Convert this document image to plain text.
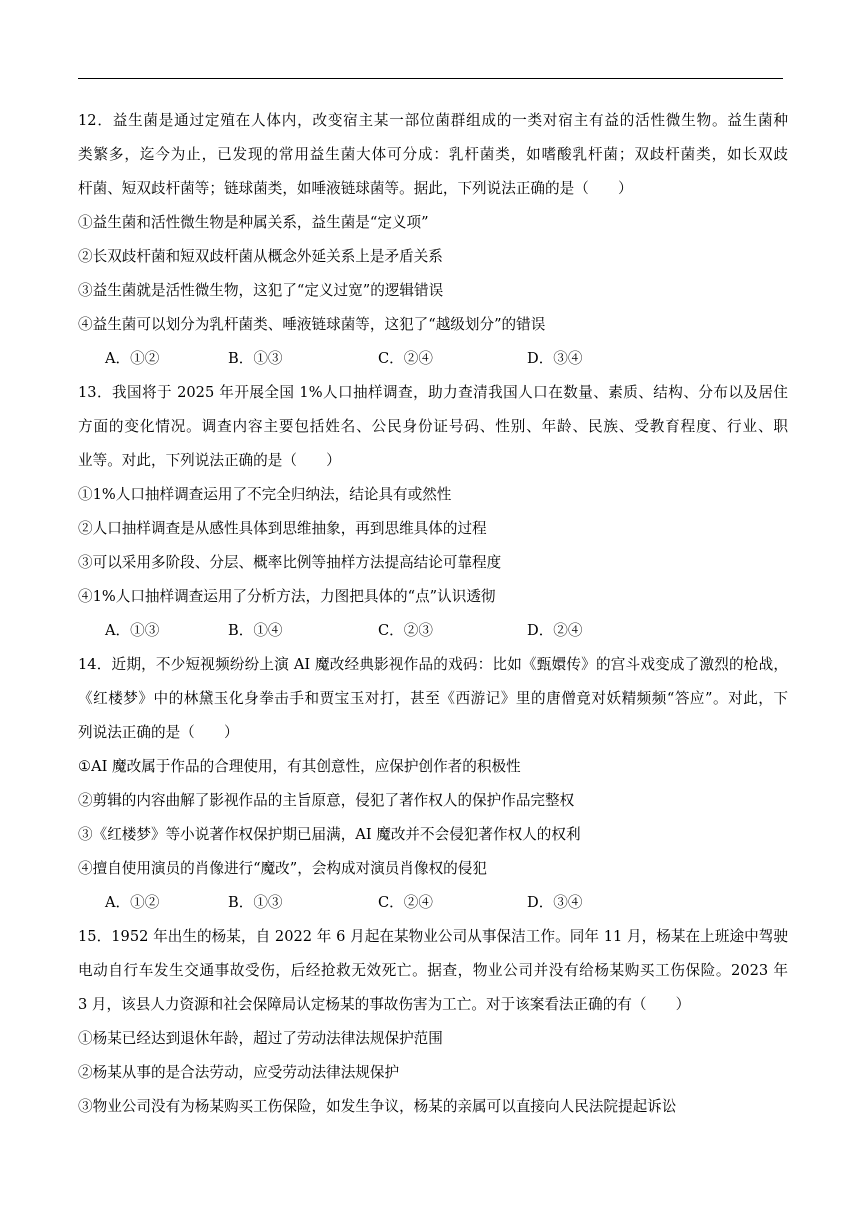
12．益生菌是通过定殖在人体内，改变宿主某一部位菌群组成的一类对宿主有益的活性微生物。益生菌种
类繁多，迄今为止，已发现的常用益生菌大体可分成：乳杆菌类，如嗜酸乳杆菌；双歧杆菌类，如长双歧
杆菌、短双歧杆菌等；链球菌类，如唾液链球菌等。据此，下列说法正确的是（　　）
①益生菌和活性微生物是种属关系，益生菌是“定义项”
②长双歧杆菌和短双歧杆菌从概念外延关系上是矛盾关系
③益生菌就是活性微生物，这犯了“定义过宽”的逻辑错误
④益生菌可以划分为乳杆菌类、唾液链球菌等，这犯了“越级划分”的错误
A．①②	B．①③	C．②④	D．③④
13．我国将于 2025 年开展全国 1%人口抽样调查，助力查清我国人口在数量、素质、结构、分布以及居住
方面的变化情况。调查内容主要包括姓名、公民身份证号码、性别、年龄、民族、受教育程度、行业、职
业等。对此，下列说法正确的是（　　）
①1%人口抽样调查运用了不完全归纳法，结论具有或然性
②人口抽样调查是从感性具体到思维抽象，再到思维具体的过程
③可以采用多阶段、分层、概率比例等抽样方法提高结论可靠程度
④1%人口抽样调查运用了分析方法，力图把具体的“点”认识透彻
A．①③	B．①④	C．②③	D．②④
14．近期，不少短视频纷纷上演 AI 魔改经典影视作品的戏码：比如《甄嬛传》的宫斗戏变成了激烈的枪战，
《红楼梦》中的林黛玉化身拳击手和贾宝玉对打，甚至《西游记》里的唐僧竟对妖精频频“答应”。对此，下
列说法正确的是（　　）
①AI 魔改属于作品的合理使用，有其创意性，应保护创作者的积极性
②剪辑的内容曲解了影视作品的主旨原意，侵犯了著作权人的保护作品完整权
③《红楼梦》等小说著作权保护期已届满，AI 魔改并不会侵犯著作权人的权利
④擅自使用演员的肖像进行“魔改”，会构成对演员肖像权的侵犯
A．①②	B．①③	C．②④	D．③④
15．1952 年出生的杨某，自 2022 年 6 月起在某物业公司从事保洁工作。同年 11 月，杨某在上班途中驾驶
电动自行车发生交通事故受伤，后经抢救无效死亡。据查，物业公司并没有给杨某购买工伤保险。2023 年
3 月，该县人力资源和社会保障局认定杨某的事故伤害为工亡。对于该案看法正确的有（　　）
①杨某已经达到退休年龄，超过了劳动法律法规保护范围
②杨某从事的是合法劳动，应受劳动法律法规保护
③物业公司没有为杨某购买工伤保险，如发生争议，杨某的亲属可以直接向人民法院提起诉讼
